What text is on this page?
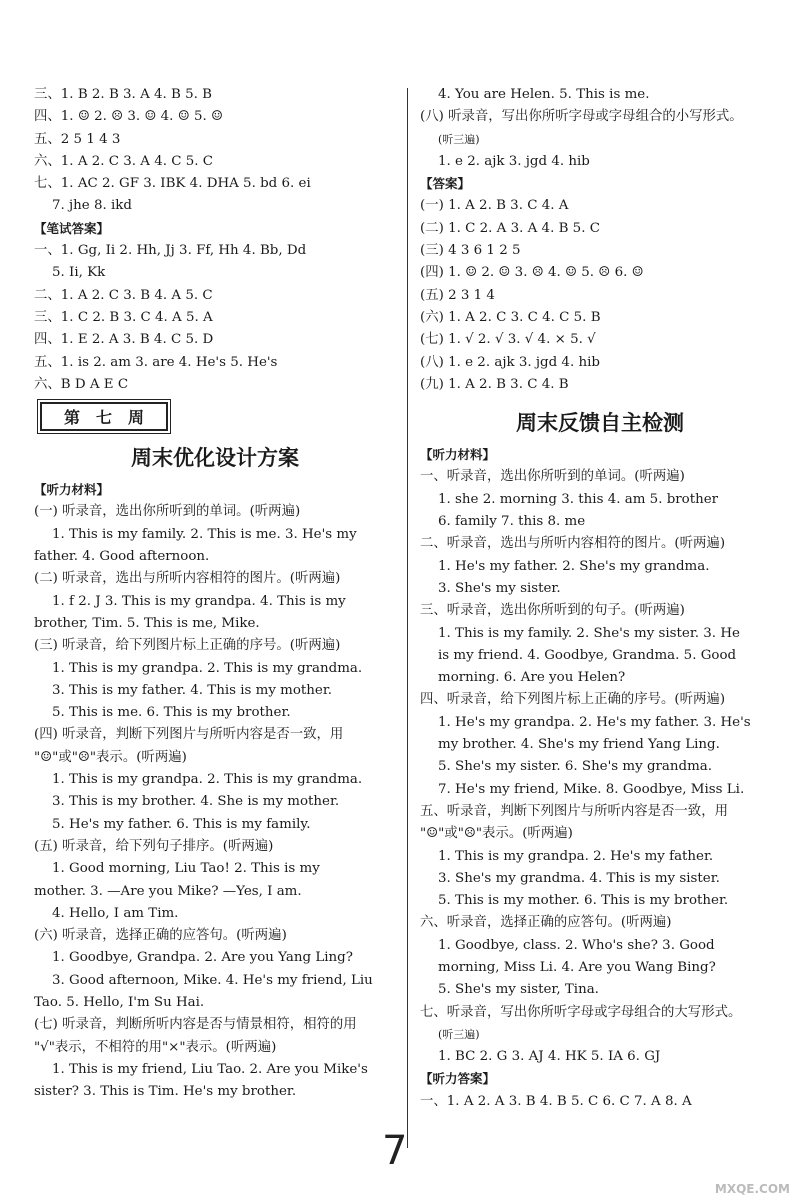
三、1. B 2. B 3. A 4. B 5. B
四、1. ☺ 2. ☹ 3. ☺ 4. ☺ 5. ☺
五、2 5 1 4 3
六、1. A 2. C 3. A 4. C 5. C
七、1. AC 2. GF 3. IBK 4. DHA 5. bd 6. ei
7. jhe 8. ikd
【笔试答案】
一、1. Gg, Ii 2. Hh, Jj 3. Ff, Hh 4. Bb, Dd
5. Ii, Kk
二、1. A 2. C 3. B 4. A 5. C
三、1. C 2. B 3. C 4. A 5. A
四、1. E 2. A 3. B 4. C 5. D
五、1. is 2. am 3. are 4. He's 5. He's
六、B D A E C
第七周
周末优化设计方案
【听力材料】
(一) 听录音，选出你所听到的单词。(听两遍)
1. This is my family. 2. This is me. 3. He's my
father. 4. Good afternoon.
(二) 听录音，选出与所听内容相符的图片。(听两遍)
1. f 2. J 3. This is my grandpa. 4. This is my
brother, Tim. 5. This is me, Mike.
(三) 听录音，给下列图片标上正确的序号。(听两遍)
1. This is my grandpa. 2. This is my grandma.
3. This is my father. 4. This is my mother.
5. This is me. 6. This is my brother.
(四) 听录音，判断下列图片与所听内容是否一致，用
"☺"或"☹"表示。(听两遍)
1. This is my grandpa. 2. This is my grandma.
3. This is my brother. 4. She is my mother.
5. He's my father. 6. This is my family.
(五) 听录音，给下列句子排序。(听两遍)
1. Good morning, Liu Tao! 2. This is my
mother. 3. —Are you Mike? —Yes, I am.
4. Hello, I am Tim.
(六) 听录音，选择正确的应答句。(听两遍)
1. Goodbye, Grandpa. 2. Are you Yang Ling?
3. Good afternoon, Mike. 4. He's my friend, Liu
Tao. 5. Hello, I'm Su Hai.
(七) 听录音，判断所听内容是否与情景相符，相符的用
"√"表示，不相符的用"×"表示。(听两遍)
1. This is my friend, Liu Tao. 2. Are you Mike's
sister? 3. This is Tim. He's my brother.
4. You are Helen. 5. This is me.
(八) 听录音，写出你所听字母或字母组合的小写形式。
(听三遍)
1. e 2. ajk 3. jgd 4. hib
【答案】
(一) 1. A 2. B 3. C 4. A
(二) 1. C 2. A 3. A 4. B 5. C
(三) 4 3 6 1 2 5
(四) 1. ☺ 2. ☺ 3. ☹ 4. ☺ 5. ☹ 6. ☺
(五) 2 3 1 4
(六) 1. A 2. C 3. C 4. C 5. B
(七) 1. √ 2. √ 3. √ 4. × 5. √
(八) 1. e 2. ajk 3. jgd 4. hib
(九) 1. A 2. B 3. C 4. B
周末反馈自主检测
【听力材料】
一、听录音，选出你所听到的单词。(听两遍)
1. she 2. morning 3. this 4. am 5. brother
6. family 7. this 8. me
二、听录音，选出与所听内容相符的图片。(听两遍)
1. He's my father. 2. She's my grandma.
3. She's my sister.
三、听录音，选出你所听到的句子。(听两遍)
1. This is my family. 2. She's my sister. 3. He
is my friend. 4. Goodbye, Grandma. 5. Good
morning. 6. Are you Helen?
四、听录音，给下列图片标上正确的序号。(听两遍)
1. He's my grandpa. 2. He's my father. 3. He's
my brother. 4. She's my friend Yang Ling.
5. She's my sister. 6. She's my grandma.
7. He's my friend, Mike. 8. Goodbye, Miss Li.
五、听录音，判断下列图片与所听内容是否一致，用
"☺"或"☹"表示。(听两遍)
1. This is my grandpa. 2. He's my father.
3. She's my grandma. 4. This is my sister.
5. This is my mother. 6. This is my brother.
六、听录音，选择正确的应答句。(听两遍)
1. Goodbye, class. 2. Who's she? 3. Good
morning, Miss Li. 4. Are you Wang Bing?
5. She's my sister, Tina.
七、听录音，写出你所听字母或字母组合的大写形式。
(听三遍)
1. BC 2. G 3. AJ 4. HK 5. IA 6. GJ
【听力答案】
一、1. A 2. A 3. B 4. B 5. C 6. C 7. A 8. A
7
MXQE.COM
